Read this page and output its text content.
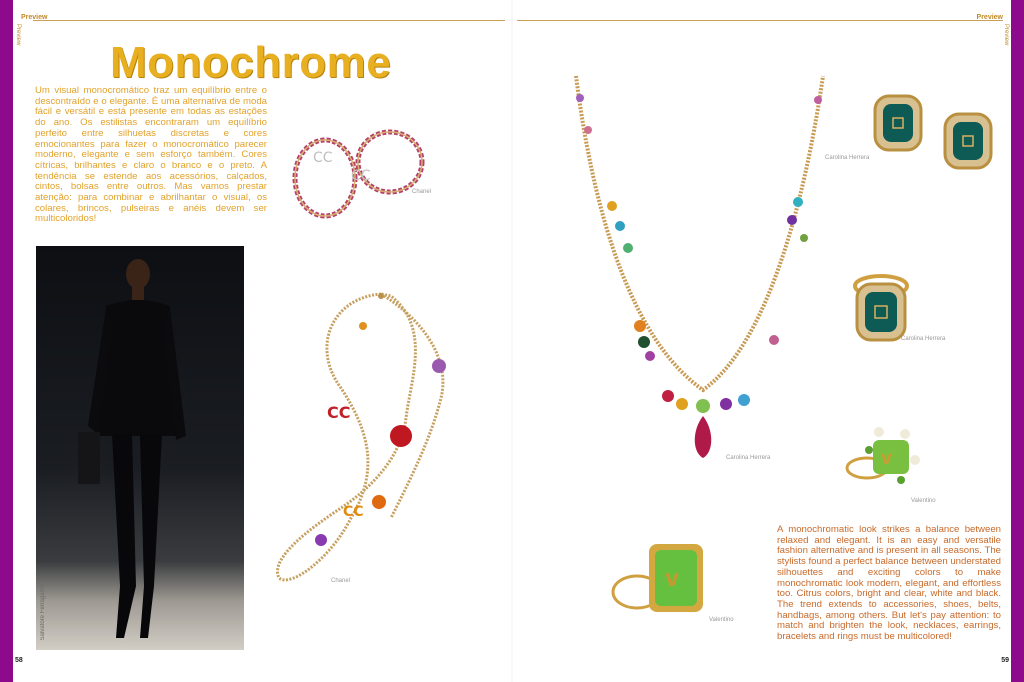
Preview	Preview
Preview	Preview
Monochrome
Um visual monocromático traz um equilíbrio entre o descontraído e o elegante. É uma alternativa de moda fácil e versátil e está presente em todas as estações do ano. Os estilistas encontraram um equilíbrio perfeito entre silhuetas discretas e cores emocionantes para fazer o monocromático parecer moderno, elegante e sem esforço também. Cores cítricas, brilhantes e claro o branco e o preto. A tendência se estende aos acessórios, calçados, cintos, bolsas entre outros. Mas vamos prestar atenção: para combinar e abrilhantar o visual, os colares, brincos, pulseiras e anéis devem ser multicoloridos!
CC
CC
Chanel
Salvatore Ferragamo
CC
CC
Chanel
Carolina Herrera
Carolina Herrera
Carolina Herrera
V
Valentino
V
Valentino
A monochromatic look strikes a balance between relaxed and elegant. It is an easy and versatile fashion alternative and is present in all seasons. The stylists found a perfect balance between understated silhouettes and exciting colors to make monochromatic look modern, elegant, and effortless too. Citrus colors, bright and clear, white and black. The trend extends to accessories, shoes, belts, handbags, among others. But let's pay attention: to match and brighten the look, necklaces, earrings, bracelets and rings must be multicolored!
58	59
